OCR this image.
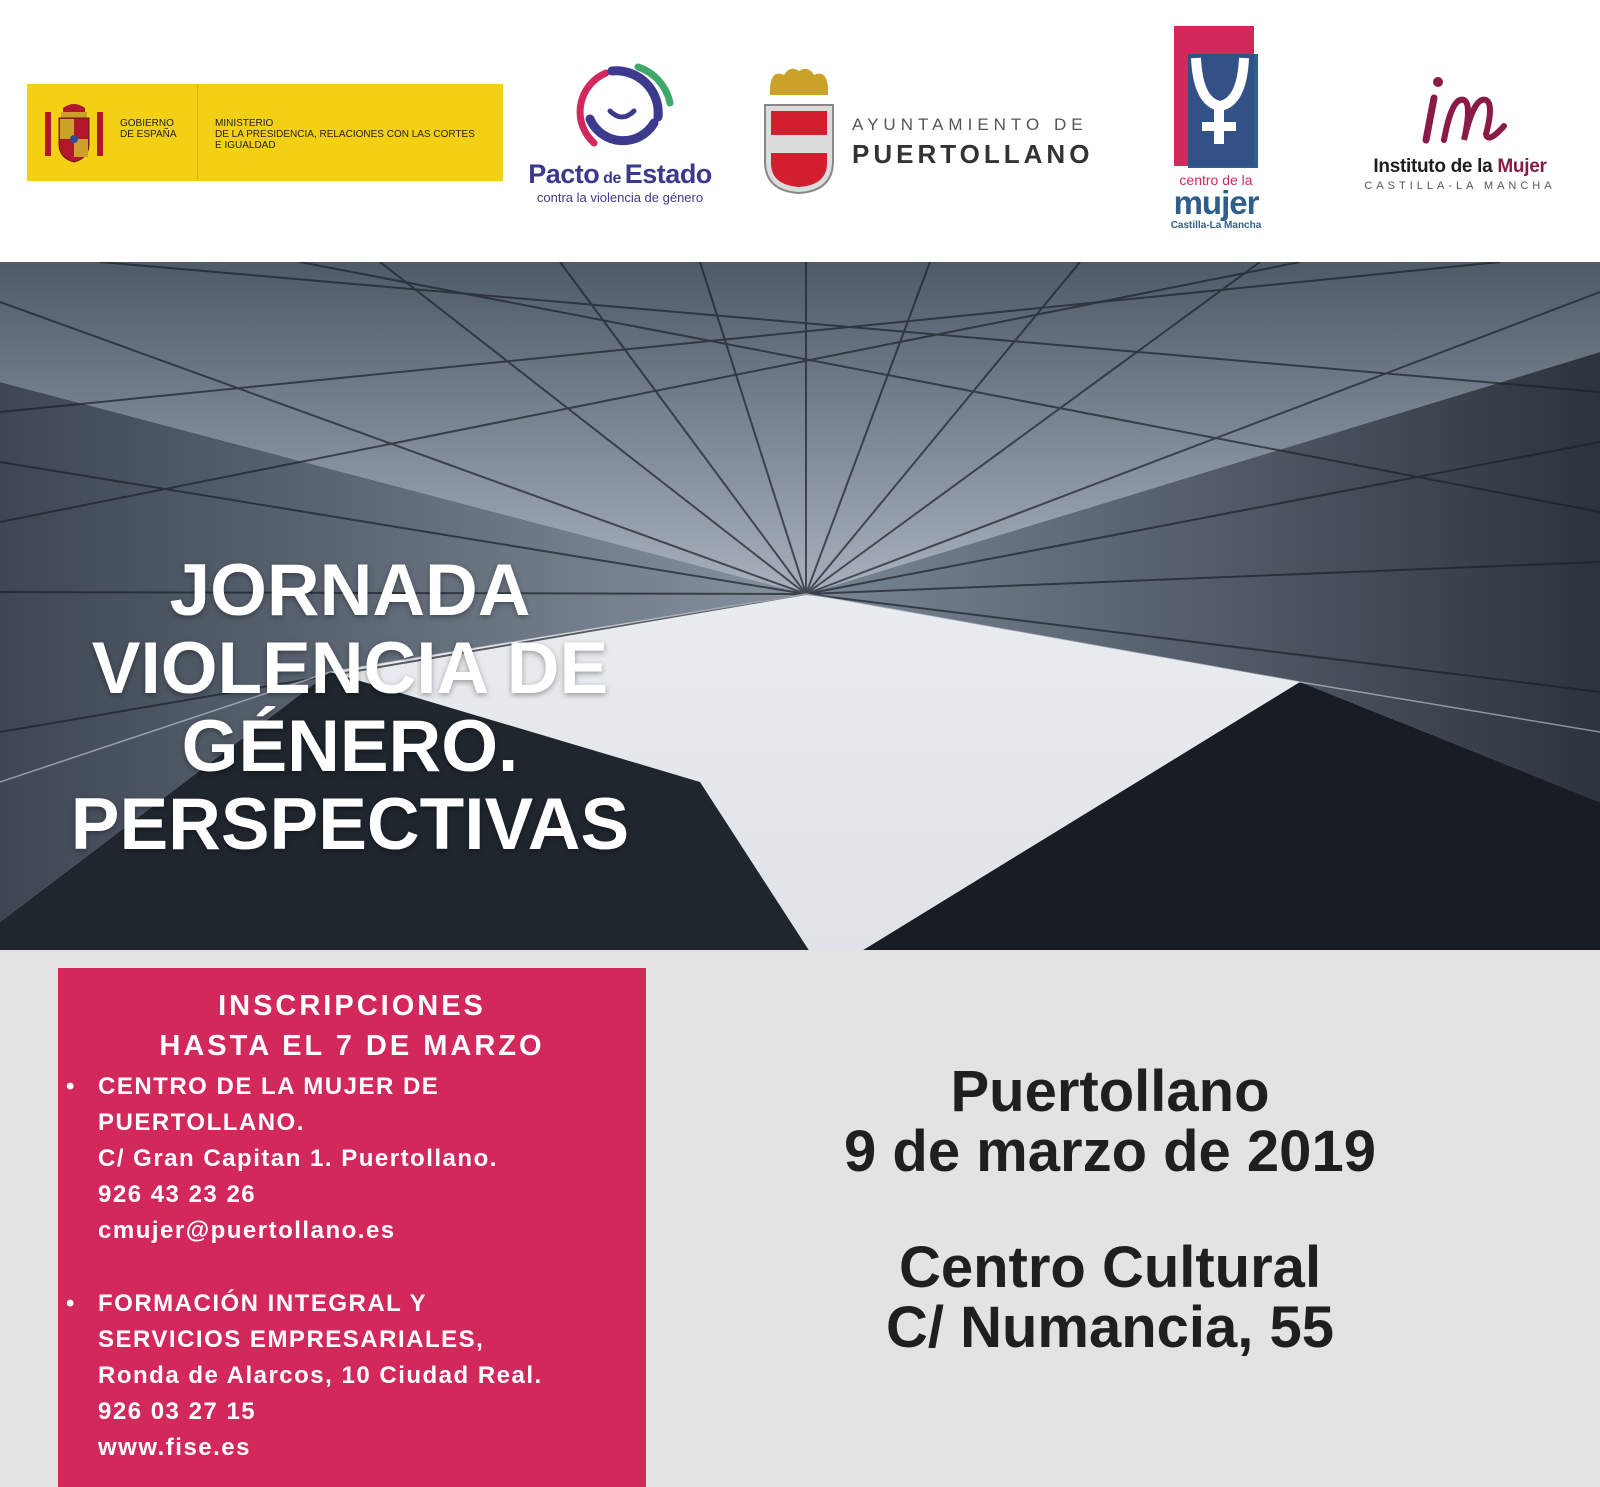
GOBIERNO
DE ESPAÑA
MINISTERIO
DE LA PRESIDENCIA, RELACIONES CON LAS CORTES
E IGUALDAD
Pacto de Estado
contra la violencia de género
AYUNTAMIENTO DE
PUERTOLLANO
centro de la
mujer
Castilla-La Mancha
Instituto de la Mujer
CASTILLA-LA MANCHA
JORNADA
VIOLENCIA DE
GÉNERO.
PERSPECTIVAS
INSCRIPCIONES
HASTA EL 7 DE MARZO
• CENTRO DE LA MUJER DE
PUERTOLLANO.
C/ Gran Capitan 1. Puertollano.
926 43 23 26
cmujer@puertollano.es
• FORMACIÓN INTEGRAL Y
SERVICIOS EMPRESARIALES,
Ronda de Alarcos, 10 Ciudad Real.
926 03 27 15
www.fise.es
Puertollano
9 de marzo de 2019
Centro Cultural
C/ Numancia, 55
